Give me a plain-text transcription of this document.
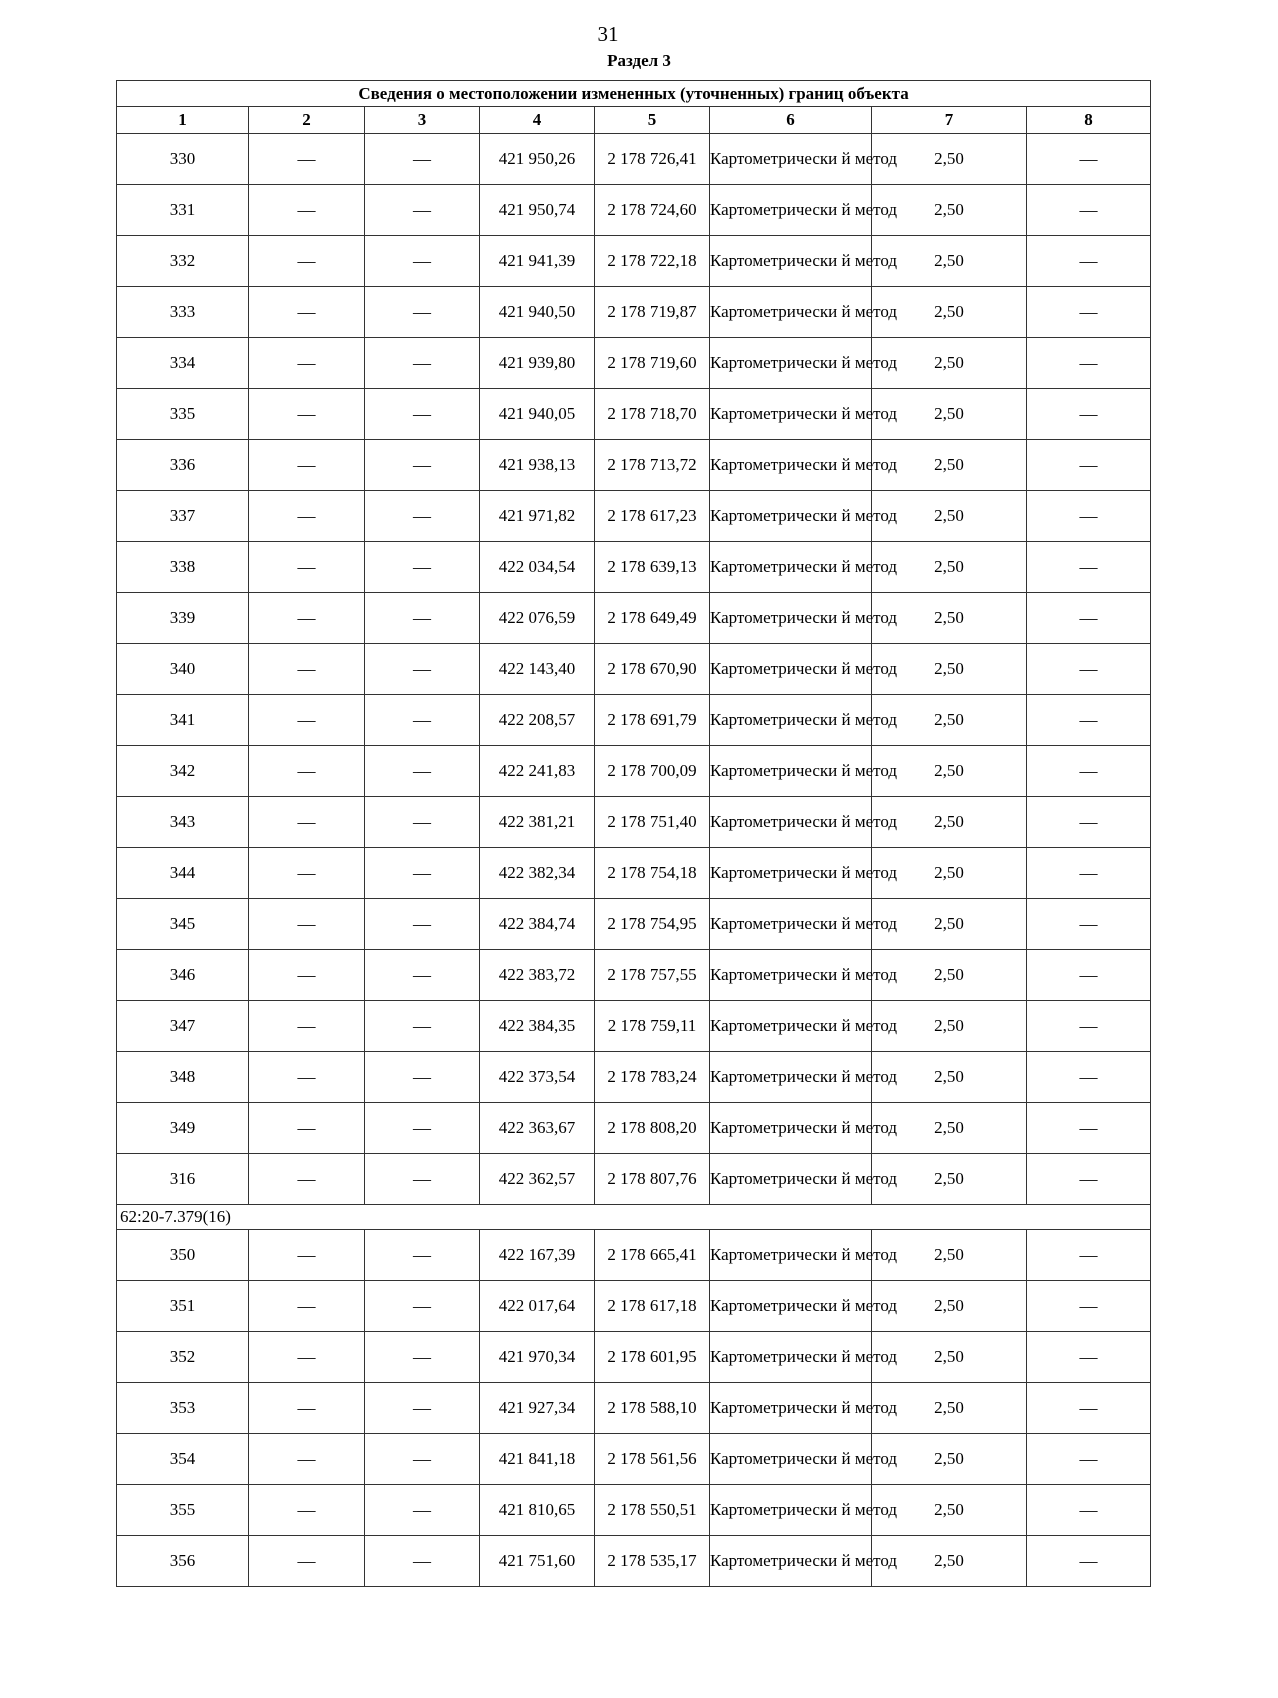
31
Раздел 3
Сведения о местоположении измененных (уточненных) границ объекта							
1	2	3	4	5	6	7	8
330	—	—	421 950,26	2 178 726,41	Картометрически й метод	2,50	—
331	—	—	421 950,74	2 178 724,60	Картометрически й метод	2,50	—
332	—	—	421 941,39	2 178 722,18	Картометрически й метод	2,50	—
333	—	—	421 940,50	2 178 719,87	Картометрически й метод	2,50	—
334	—	—	421 939,80	2 178 719,60	Картометрически й метод	2,50	—
335	—	—	421 940,05	2 178 718,70	Картометрически й метод	2,50	—
336	—	—	421 938,13	2 178 713,72	Картометрически й метод	2,50	—
337	—	—	421 971,82	2 178 617,23	Картометрически й метод	2,50	—
338	—	—	422 034,54	2 178 639,13	Картометрически й метод	2,50	—
339	—	—	422 076,59	2 178 649,49	Картометрически й метод	2,50	—
340	—	—	422 143,40	2 178 670,90	Картометрически й метод	2,50	—
341	—	—	422 208,57	2 178 691,79	Картометрически й метод	2,50	—
342	—	—	422 241,83	2 178 700,09	Картометрически й метод	2,50	—
343	—	—	422 381,21	2 178 751,40	Картометрически й метод	2,50	—
344	—	—	422 382,34	2 178 754,18	Картометрически й метод	2,50	—
345	—	—	422 384,74	2 178 754,95	Картометрически й метод	2,50	—
346	—	—	422 383,72	2 178 757,55	Картометрически й метод	2,50	—
347	—	—	422 384,35	2 178 759,11	Картометрически й метод	2,50	—
348	—	—	422 373,54	2 178 783,24	Картометрически й метод	2,50	—
349	—	—	422 363,67	2 178 808,20	Картометрически й метод	2,50	—
316	—	—	422 362,57	2 178 807,76	Картометрически й метод	2,50	—
62:20-7.379(16)							
350	—	—	422 167,39	2 178 665,41	Картометрически й метод	2,50	—
351	—	—	422 017,64	2 178 617,18	Картометрически й метод	2,50	—
352	—	—	421 970,34	2 178 601,95	Картометрически й метод	2,50	—
353	—	—	421 927,34	2 178 588,10	Картометрически й метод	2,50	—
354	—	—	421 841,18	2 178 561,56	Картометрически й метод	2,50	—
355	—	—	421 810,65	2 178 550,51	Картометрически й метод	2,50	—
356	—	—	421 751,60	2 178 535,17	Картометрически й метод	2,50	—
